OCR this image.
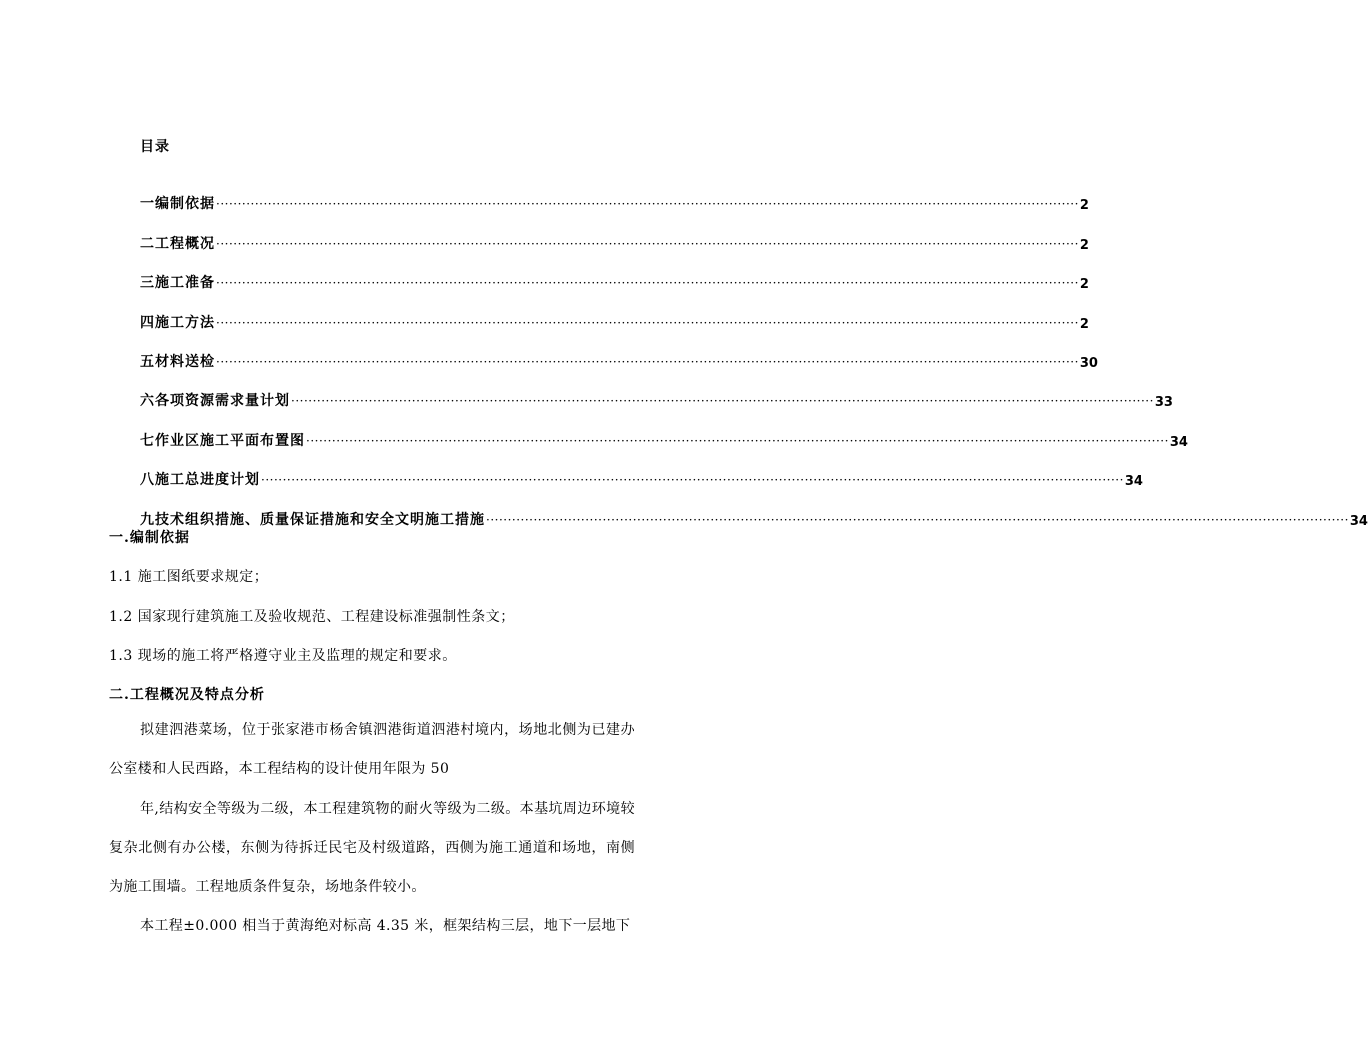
目录
一编制依据 ········································································································································································································ 2
二工程概况 ········································································································································································································ 2
三施工准备 ········································································································································································································ 2
四施工方法 ········································································································································································································ 2
五材料送检 ········································································································································································································ 30
六各项资源需求量计划 ········································································································································································································ 33
七作业区施工平面布置图 ········································································································································································································ 34
八施工总进度计划 ········································································································································································································ 34
九技术组织措施、质量保证措施和安全文明施工措施 ········································································································································································································ 34
一.编制依据
1.1 施工图纸要求规定；
1.2 国家现行建筑施工及验收规范、工程建设标准强制性条文；
1.3 现场的施工将严格遵守业主及监理的规定和要求。
二.工程概况及特点分析

拟建泗港菜场，位于张家港市杨舍镇泗港街道泗港村境内，场地北侧为已建办公室楼和人民西路，本工程结构的设计使用年限为 50

年,结构安全等级为二级，本工程建筑物的耐火等级为二级。本基坑周边环境较复杂北侧有办公楼，东侧为待拆迁民宅及村级道路，西侧为施工通道和场地，南侧为施工围墙。工程地质条件复杂，场地条件较小。

本工程±0.000 相当于黄海绝对标高 4.35 米，框架结构三层，地下一层地下
